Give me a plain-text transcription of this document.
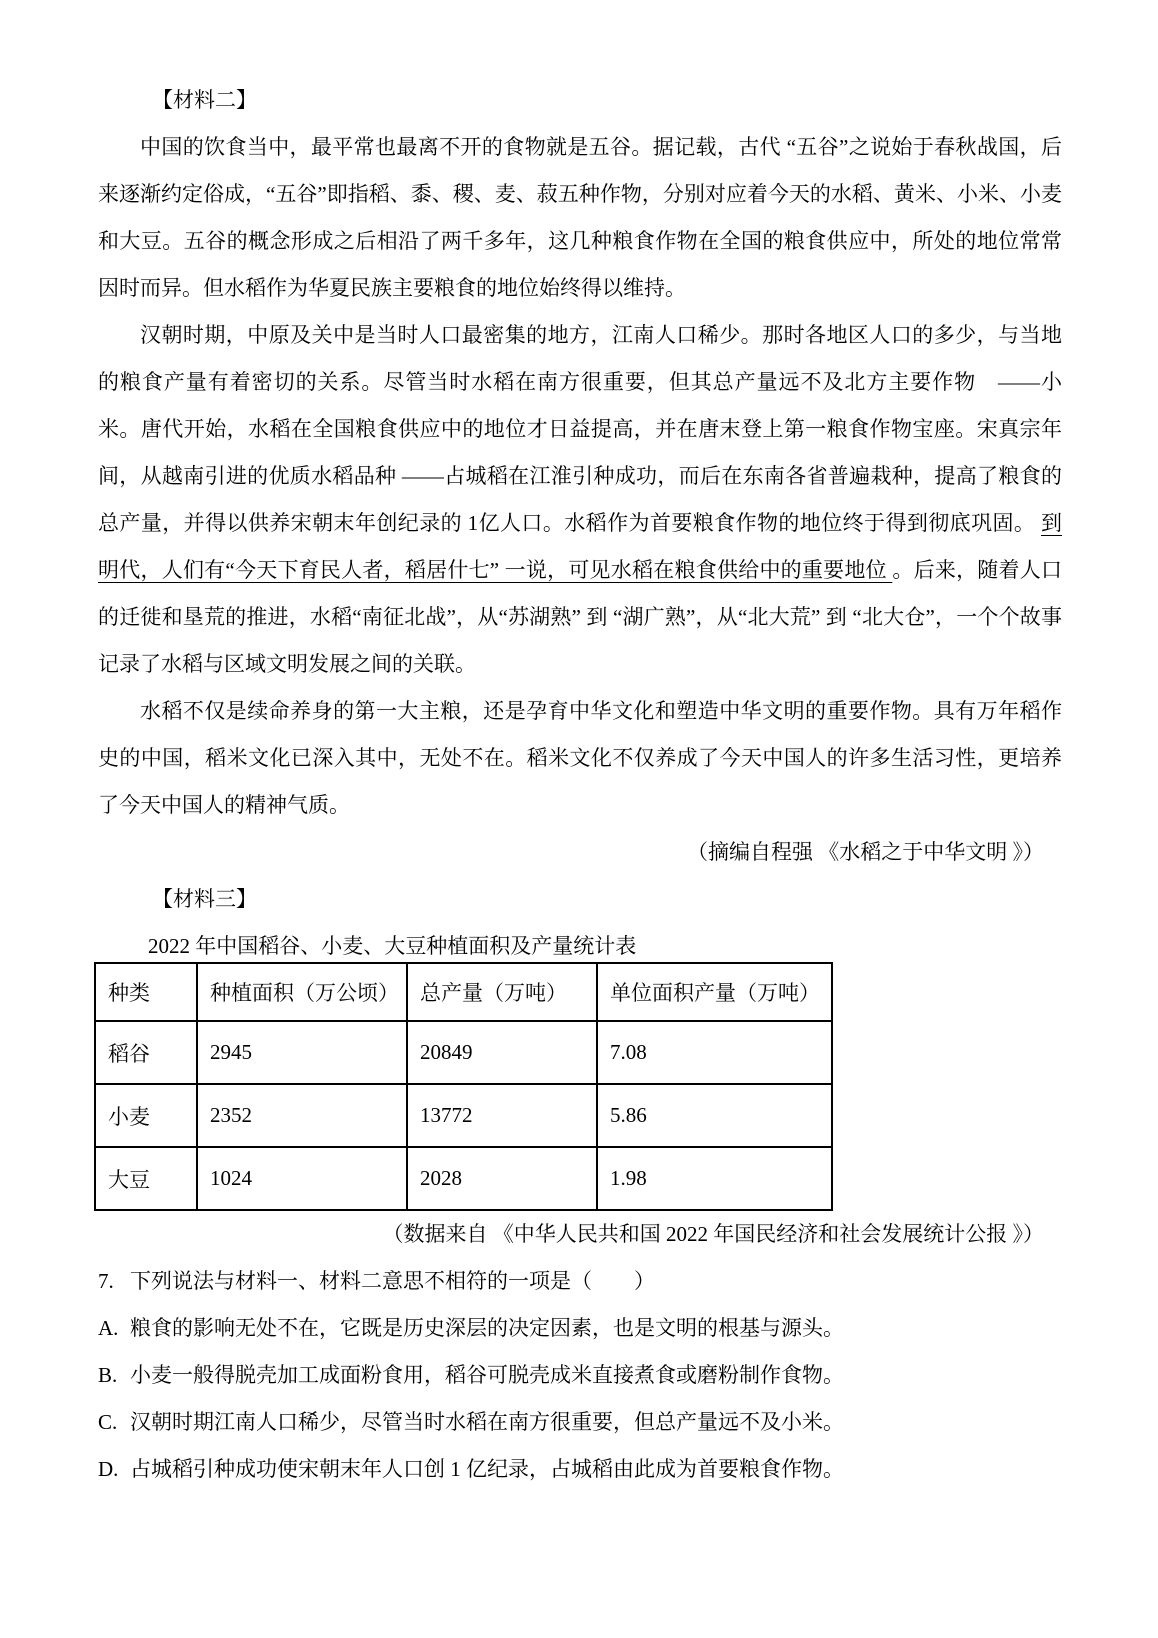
【材料二】

中国的饮食当中，最平常也最离不开的食物就是五谷。据记载，古代 “五谷”之说始于春秋战国，后来逐渐约定俗成，“五谷”即指稻、黍、稷、麦、菽五种作物，分别对应着今天的水稻、黄米、小米、小麦和大豆。五谷的概念形成之后相沿了两千多年，这几种粮食作物在全国的粮食供应中，所处的地位常常因时而异。但水稻作为华夏民族主要粮食的地位始终得以维持。

汉朝时期，中原及关中是当时人口最密集的地方，江南人口稀少。那时各地区人口的多少，与当地的粮食产量有着密切的关系。尽管当时水稻在南方很重要，但其总产量远不及北方主要作物　——小米。唐代开始，水稻在全国粮食供应中的地位才日益提高，并在唐末登上第一粮食作物宝座。宋真宗年间，从越南引进的优质水稻品种 ——占城稻在江淮引种成功，而后在东南各省普遍栽种，提高了粮食的总产量，并得以供养宋朝末年创纪录的 1亿人口。水稻作为首要粮食作物的地位终于得到彻底巩固。 到明代，人们有“今天下育民人者，稻居什七” 一说，可见水稻在粮食供给中的重要地位 。后来，随着人口的迁徙和垦荒的推进，水稻“南征北战”，从“苏湖熟” 到 “湖广熟”，从“北大荒” 到 “北大仓”，一个个故事记录了水稻与区域文明发展之间的关联。

水稻不仅是续命养身的第一大主粮，还是孕育中华文化和塑造中华文明的重要作物。具有万年稻作史的中国，稻米文化已深入其中，无处不在。稻米文化不仅养成了今天中国人的许多生活习性，更培养了今天中国人的精神气质。

（摘编自程强 《水稻之于中华文明 》）
【材料三】
2022 年中国稻谷、小麦、大豆种植面积及产量统计表
种类	种植面积（万公顷）	总产量（万吨）	单位面积产量（万吨）
稻谷	2945	20849	7.08
小麦	2352	13772	5.86
大豆	1024	2028	1.98
（数据来自 《中华人民共和国 2022 年国民经济和社会发展统计公报 》）
7. 下列说法与材料一、材料二意思不相符的一项是（　　）
A. 粮食的影响无处不在，它既是历史深层的决定因素，也是文明的根基与源头。
B. 小麦一般得脱壳加工成面粉食用，稻谷可脱壳成米直接煮食或磨粉制作食物。
C. 汉朝时期江南人口稀少，尽管当时水稻在南方很重要，但总产量远不及小米。
D. 占城稻引种成功使宋朝末年人口创 1 亿纪录，占城稻由此成为首要粮食作物。
